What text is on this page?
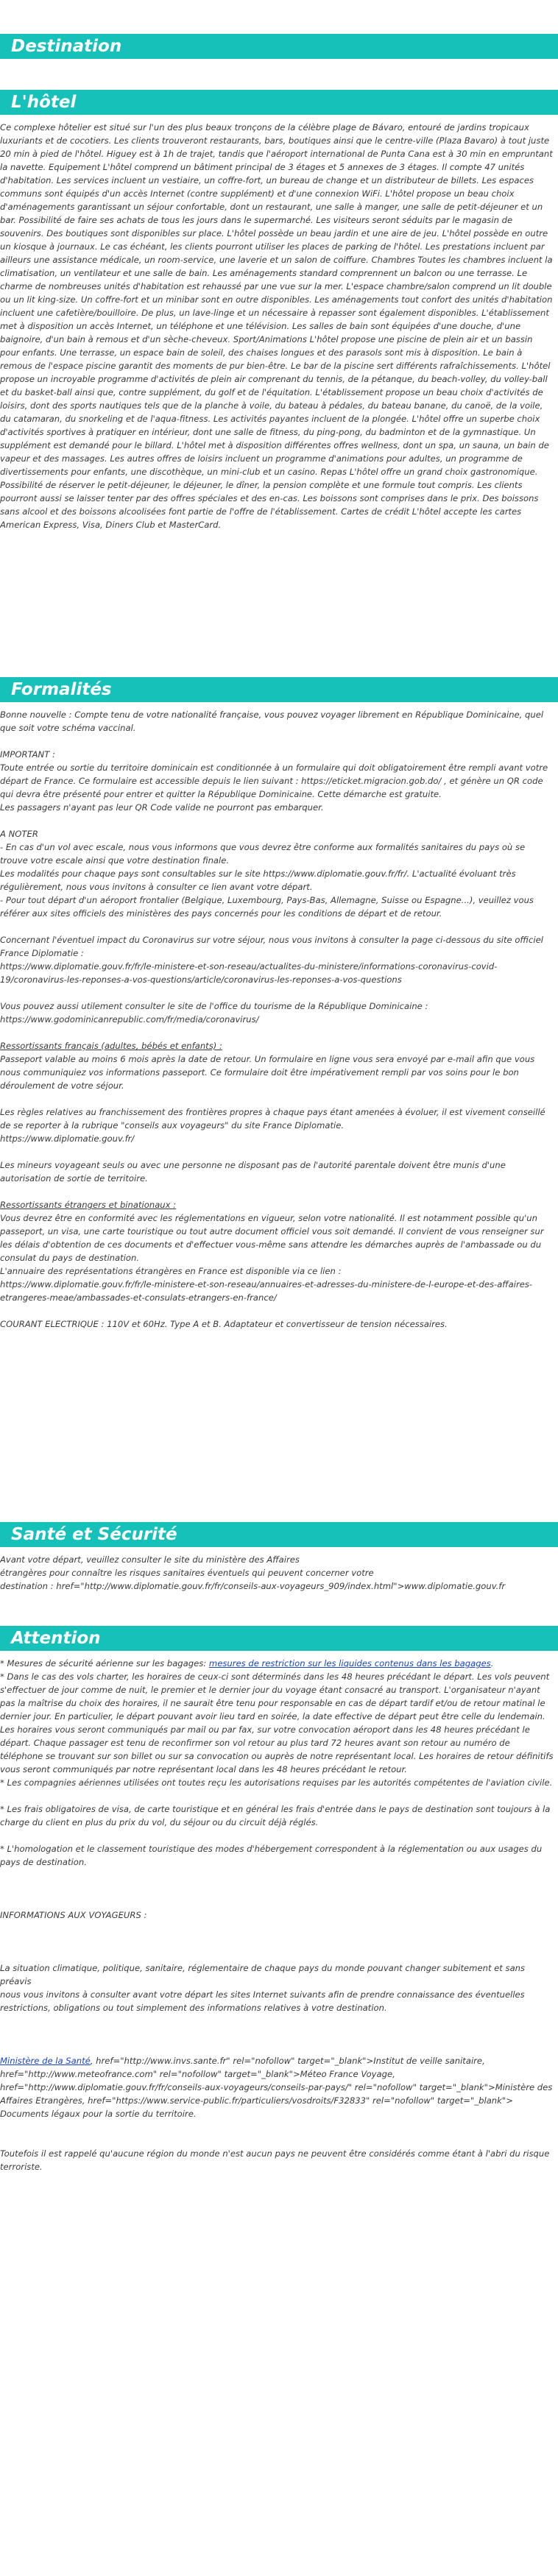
Destination
L'hôtel

Ce complexe hôtelier est situé sur l'un des plus beaux tronçons de la célèbre plage de Bávaro, entouré de jardins tropicaux luxuriants et de cocotiers. Les clients trouveront restaurants, bars, boutiques ainsi que le centre-ville (Plaza Bavaro) à tout juste 20 min à pied de l'hôtel. Higuey est à 1h de trajet, tandis que l'aéroport international de Punta Cana est à 30 min en empruntant la navette. Equipement L'hôtel comprend un bâtiment principal de 3 étages et 5 annexes de 3 étages. Il compte 47 unités d'habitation. Les services incluent un vestiaire, un coffre-fort, un bureau de change et un distributeur de billets. Les espaces communs sont équipés d'un accès Internet (contre supplément) et d'une connexion WiFi. L'hôtel propose un beau choix d'aménagements garantissant un séjour confortable, dont un restaurant, une salle à manger, une salle de petit-déjeuner et un bar. Possibilité de faire ses achats de tous les jours dans le supermarché. Les visiteurs seront séduits par le magasin de souvenirs. Des boutiques sont disponibles sur place. L'hôtel possède un beau jardin et une aire de jeu. L'hôtel possède en outre un kiosque à journaux. Le cas échéant, les clients pourront utiliser les places de parking de l'hôtel. Les prestations incluent par ailleurs une assistance médicale, un room-service, une laverie et un salon de coiffure. Chambres Toutes les chambres incluent la climatisation, un ventilateur et une salle de bain. Les aménagements standard comprennent un balcon ou une terrasse. Le charme de nombreuses unités d'habitation est rehaussé par une vue sur la mer. L'espace chambre/salon comprend un lit double ou un lit king-size. Un coffre-fort et un minibar sont en outre disponibles. Les aménagements tout confort des unités d'habitation incluent une cafetière/bouilloire. De plus, un lave-linge et un nécessaire à repasser sont également disponibles. L'établissement met à disposition un accès Internet, un téléphone et une télévision. Les salles de bain sont équipées d'une douche, d'une baignoire, d'un bain à remous et d'un sèche-cheveux. Sport/Animations L'hôtel propose une piscine de plein air et un bassin pour enfants. Une terrasse, un espace bain de soleil, des chaises longues et des parasols sont mis à disposition. Le bain à remous de l'espace piscine garantit des moments de pur bien-être. Le bar de la piscine sert différents rafraîchissements. L'hôtel propose un incroyable programme d'activités de plein air comprenant du tennis, de la pétanque, du beach-volley, du volley-ball et du basket-ball ainsi que, contre supplément, du golf et de l'équitation. L'établissement propose un beau choix d'activités de loisirs, dont des sports nautiques tels que de la planche à voile, du bateau à pédales, du bateau banane, du canoë, de la voile, du catamaran, du snorkeling et de l'aqua-fitness. Les activités payantes incluent de la plongée. L'hôtel offre un superbe choix d'activités sportives à pratiquer en intérieur, dont une salle de fitness, du ping-pong, du badminton et de la gymnastique. Un supplément est demandé pour le billard. L'hôtel met à disposition différentes offres wellness, dont un spa, un sauna, un bain de vapeur et des massages. Les autres offres de loisirs incluent un programme d'animations pour adultes, un programme de divertissements pour enfants, une discothèque, un mini-club et un casino. Repas L'hôtel offre un grand choix gastronomique. Possibilité de réserver le petit-déjeuner, le déjeuner, le dîner, la pension complète et une formule tout compris. Les clients pourront aussi se laisser tenter par des offres spéciales et des en-cas. Les boissons sont comprises dans le prix. Des boissons sans alcool et des boissons alcoolisées font partie de l'offre de l'établissement. Cartes de crédit L'hôtel accepte les cartes American Express, Visa, Diners Club et MasterCard.

Formalités

Bonne nouvelle : Compte tenu de votre nationalité française, vous pouvez voyager librement en République Dominicaine, quel que soit votre schéma vaccinal.

IMPORTANT :
Toute entrée ou sortie du territoire dominicain est conditionnée à un formulaire qui doit obligatoirement être rempli avant votre départ de France. Ce formulaire est accessible depuis le lien suivant : https://eticket.migracion.gob.do/ , et génère un QR code qui devra être présenté pour entrer et quitter la République Dominicaine. Cette démarche est gratuite.
Les passagers n'ayant pas leur QR Code valide ne pourront pas embarquer.

A NOTER
- En cas d'un vol avec escale, nous vous informons que vous devrez être conforme aux formalités sanitaires du pays où se trouve votre escale ainsi que votre destination finale.
Les modalités pour chaque pays sont consultables sur le site https://www.diplomatie.gouv.fr/fr/. L'actualité évoluant très régulièrement, nous vous invitons à consulter ce lien avant votre départ.
- Pour tout départ d'un aéroport frontalier (Belgique, Luxembourg, Pays-Bas, Allemagne, Suisse ou Espagne...), veuillez vous référer aux sites officiels des ministères des pays concernés pour les conditions de départ et de retour.

Concernant l'éventuel impact du Coronavirus sur votre séjour, nous vous invitons à consulter la page ci-dessous du site officiel France Diplomatie :
https://www.diplomatie.gouv.fr/fr/le-ministere-et-son-reseau/actualites-du-ministere/informations-coronavirus-covid-19/coronavirus-les-reponses-a-vos-questions/article/coronavirus-les-reponses-a-vos-questions

Vous pouvez aussi utilement consulter le site de l'office du tourisme de la République Dominicaine :
https://www.godominicanrepublic.com/fr/media/coronavirus/

Ressortissants français (adultes, bébés et enfants) :

Passeport valable au moins 6 mois après la date de retour. Un formulaire en ligne vous sera envoyé par e-mail afin que vous nous communiquiez vos informations passeport. Ce formulaire doit être impérativement rempli par vos soins pour le bon déroulement de votre séjour.

Les règles relatives au franchissement des frontières propres à chaque pays étant amenées à évoluer, il est vivement conseillé de se reporter à la rubrique "conseils aux voyageurs" du site France Diplomatie.
https://www.diplomatie.gouv.fr/

Les mineurs voyageant seuls ou avec une personne ne disposant pas de l'autorité parentale doivent être munis d'une autorisation de sortie de territoire.

Ressortissants étrangers et binationaux :

Vous devrez être en conformité avec les réglementations en vigueur, selon votre nationalité. Il est notamment possible qu'un passeport, un visa, une carte touristique ou tout autre document officiel vous soit demandé. Il convient de vous renseigner sur les délais d'obtention de ces documents et d'effectuer vous-même sans attendre les démarches auprès de l'ambassade ou du consulat du pays de destination.
L'annuaire des représentations étrangères en France est disponible via ce lien :
https://www.diplomatie.gouv.fr/fr/le-ministere-et-son-reseau/annuaires-et-adresses-du-ministere-de-l-europe-et-des-affaires-etrangeres-meae/ambassades-et-consulats-etrangers-en-france/

COURANT ELECTRIQUE : 110V et 60Hz. Type A et B. Adaptateur et convertisseur de tension nécessaires.

Santé et Sécurité

Avant votre départ, veuillez consulter le site du ministère des Affaires
étrangères pour connaître les risques sanitaires éventuels qui peuvent concerner votre
destination : href="http://www.diplomatie.gouv.fr/fr/conseils-aux-voyageurs_909/index.html">www.diplomatie.gouv.fr

Attention

* Mesures de sécurité aérienne sur les bagages: mesures de restriction sur les liquides contenus dans les bagages.

* Dans le cas des vols charter, les horaires de ceux-ci sont déterminés dans les 48 heures précédant le départ. Les vols peuvent s'effectuer de jour comme de nuit, le premier et le dernier jour du voyage étant consacré au transport. L'organisateur n'ayant pas la maîtrise du choix des horaires, il ne saurait être tenu pour responsable en cas de départ tardif et/ou de retour matinal le dernier jour. En particulier, le départ pouvant avoir lieu tard en soirée, la date effective de départ peut être celle du lendemain. Les horaires vous seront communiqués par mail ou par fax, sur votre convocation aéroport dans les 48 heures précédant le départ. Chaque passager est tenu de reconfirmer son vol retour au plus tard 72 heures avant son retour au numéro de téléphone se trouvant sur son billet ou sur sa convocation ou auprès de notre représentant local. Les horaires de retour définitifs vous seront communiqués par notre représentant local dans les 48 heures précédant le retour.

* Les compagnies aériennes utilisées ont toutes reçu les autorisations requises par les autorités compétentes de l'aviation civile.

* Les frais obligatoires de visa, de carte touristique et en général les frais d'entrée dans le pays de destination sont toujours à la charge du client en plus du prix du vol, du séjour ou du circuit déjà réglés.

* L'homologation et le classement touristique des modes d'hébergement correspondent à la réglementation ou aux usages du pays de destination.

INFORMATIONS AUX VOYAGEURS :

La situation climatique, politique, sanitaire, réglementaire de chaque pays du monde pouvant changer subitement et sans préavis
nous vous invitons à consulter avant votre départ les sites Internet suivants afin de prendre connaissance des éventuelles restrictions, obligations ou tout simplement des informations relatives à votre destination.

Ministère de la Santé, href="http://www.invs.sante.fr" rel="nofollow" target="_blank">Institut de veille sanitaire, href="http://www.meteofrance.com" rel="nofollow" target="_blank">Méteo France Voyage, href="http://www.diplomatie.gouv.fr/fr/conseils-aux-voyageurs/conseils-par-pays/" rel="nofollow" target="_blank">Ministère des Affaires Etrangères, href="https://www.service-public.fr/particuliers/vosdroits/F32833" rel="nofollow" target="_blank"> Documents légaux pour la sortie du territoire.

Toutefois il est rappelé qu'aucune région du monde n'est aucun pays ne peuvent être considérés comme étant à l'abri du risque terroriste.
